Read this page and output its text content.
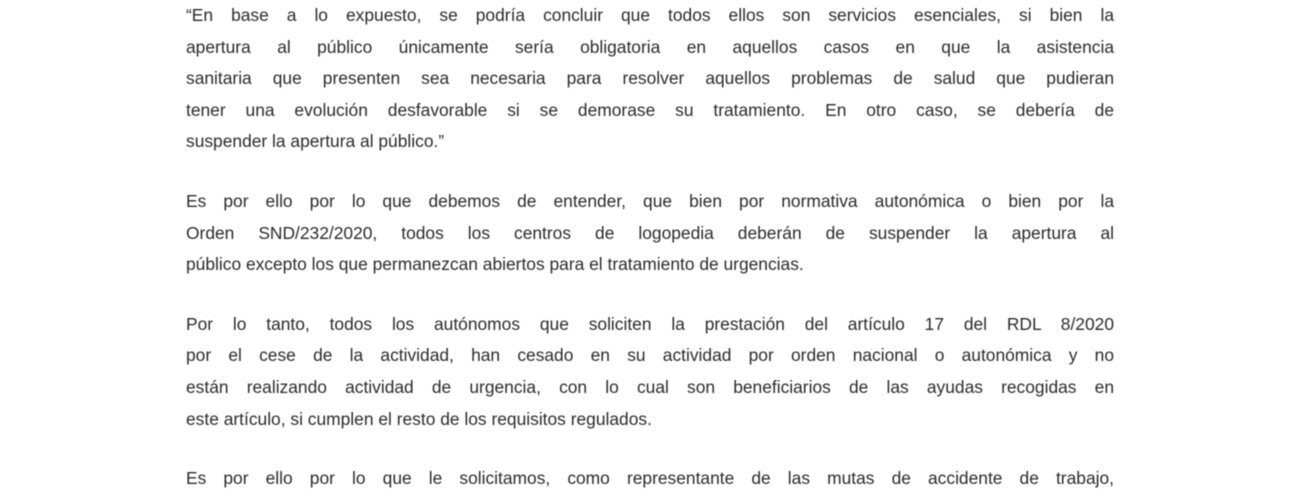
“En base a lo expuesto, se podría concluir que todos ellos son servicios esenciales, si bien la
apertura al público únicamente sería obligatoria en aquellos casos en que la asistencia
sanitaria que presenten sea necesaria para resolver aquellos problemas de salud que pudieran
tener una evolución desfavorable si se demorase su tratamiento. En otro caso, se debería de
suspender la apertura al público.”
Es por ello por lo que debemos de entender, que bien por normativa autonómica o bien por la
Orden SND/232/2020, todos los centros de logopedia deberán de suspender la apertura al
público excepto los que permanezcan abiertos para el tratamiento de urgencias.
Por lo tanto, todos los autónomos que soliciten la prestación del artículo 17 del RDL 8/2020
por el cese de la actividad, han cesado en su actividad por orden nacional o autonómica y no
están realizando actividad de urgencia, con lo cual son beneficiarios de las ayudas recogidas en
este artículo, si cumplen el resto de los requisitos regulados.
Es por ello por lo que le solicitamos, como representante de las mutas de accidente de trabajo,
